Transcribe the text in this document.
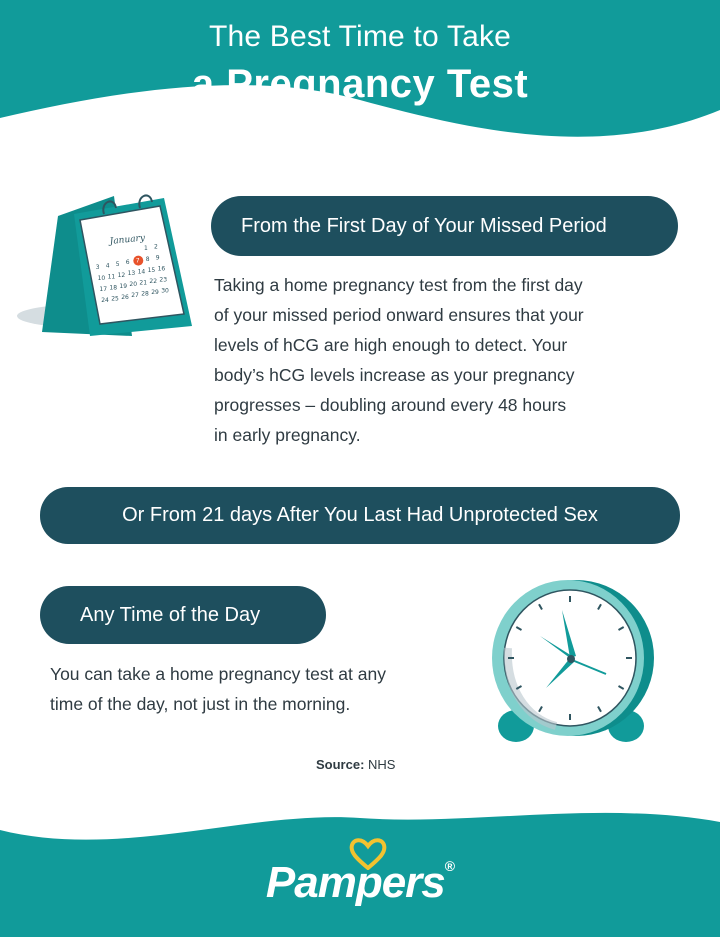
The Best Time to Take
a Pregnancy Test
January
1 2
3 4 5 6 7 8 9
10 11 12 13 14 15 16
17 18 19 20 21 22 23
24 25 26 27 28 29 30
From the First Day of Your Missed Period
Taking a home pregnancy test from the first day
of your missed period onward ensures that your
levels of hCG are high enough to detect. Your
body’s hCG levels increase as your pregnancy
progresses – doubling around every 48 hours
in early pregnancy.
Or From 21 days After You Last Had Unprotected Sex
Any Time of the Day
You can take a home pregnancy test at any
time of the day, not just in the morning.
Source: NHS
Pampers®
